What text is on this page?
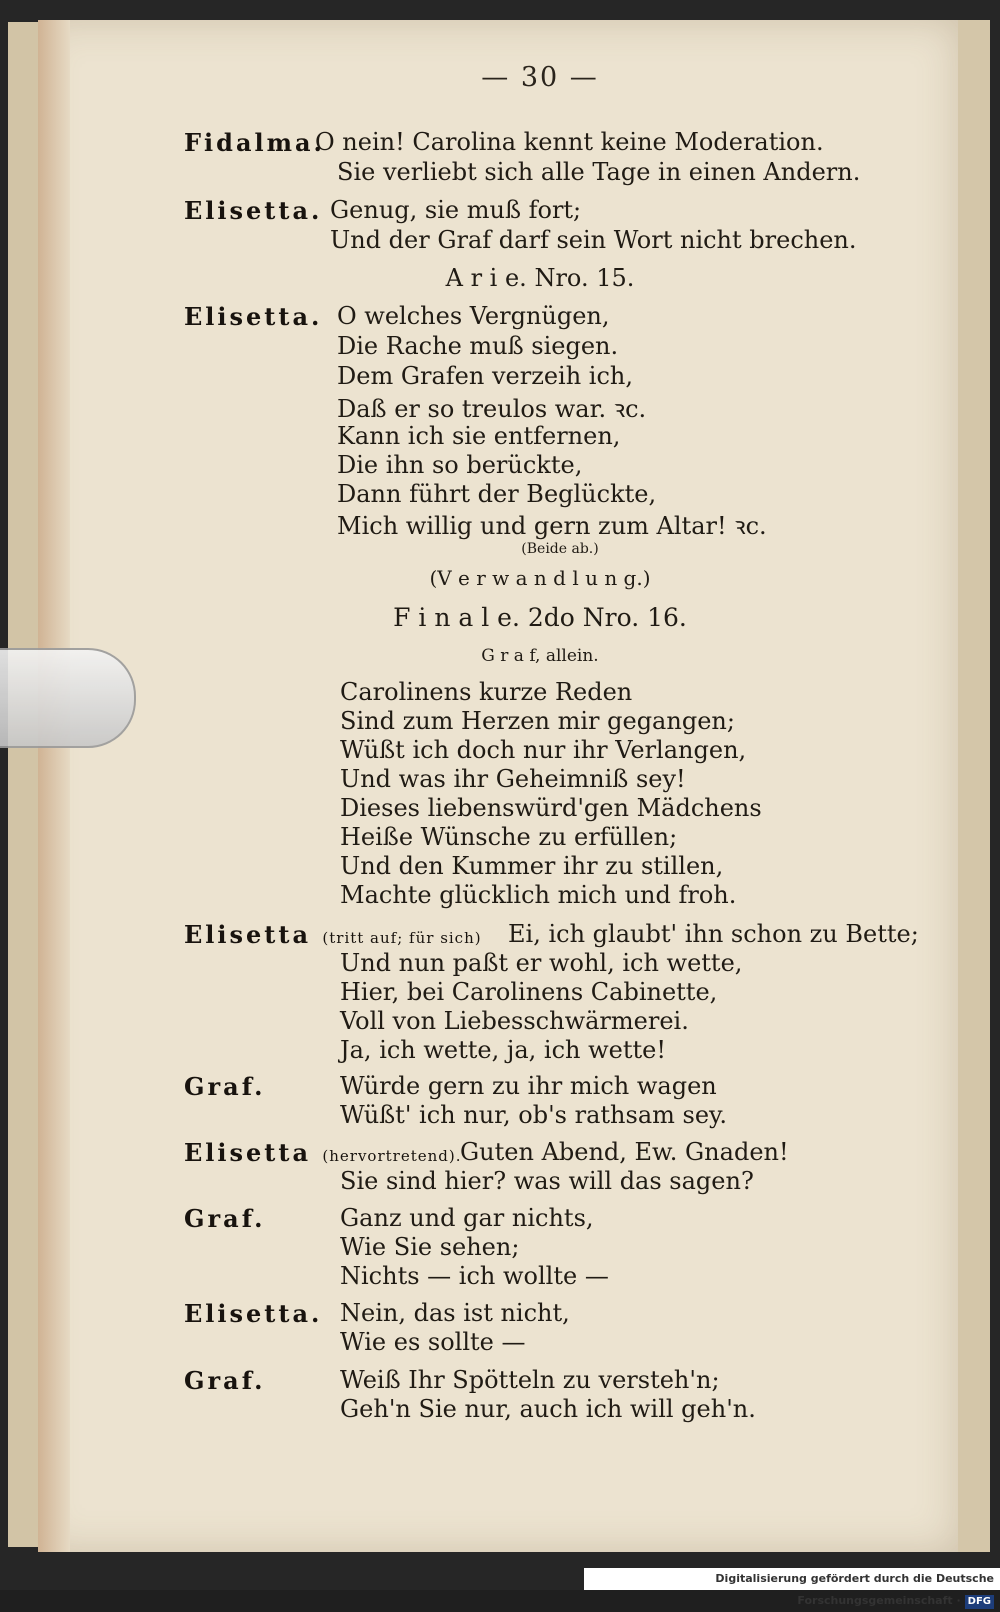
— 30 —
Fidalma.
O nein! Carolina kennt keine Moderation.
Sie verliebt sich alle Tage in einen Andern.
Elisetta. Genug, sie muß fort;
Und der Graf darf sein Wort nicht brechen.
A r i e. Nro. 15.
Elisetta. O welches Vergnügen,
Die Rache muß siegen.
Dem Grafen verzeih ich,
Daß er so treulos war. ꝛc.
Kann ich sie entfernen,
Die ihn so berückte,
Dann führt der Beglückte,
Mich willig und gern zum Altar! ꝛc.
(Beide ab.)
(V e r w a n d l u n g.)
F i n a l e. 2do Nro. 16.
G r a f, allein.
Carolinens kurze Reden
Sind zum Herzen mir gegangen;
Wüßt ich doch nur ihr Verlangen,
Und was ihr Geheimniß sey!
Dieses liebenswürd'gen Mädchens
Heiße Wünsche zu erfüllen;
Und den Kummer ihr zu stillen,
Machte glücklich mich und froh.
Elisetta (tritt auf; für sich) Ei, ich glaubt' ihn schon zu Bette;
Und nun paßt er wohl, ich wette,
Hier, bei Carolinens Cabinette,
Voll von Liebesschwärmerei.
Ja, ich wette, ja, ich wette!
Graf.	Würde gern zu ihr mich wagen
Wüßt' ich nur, ob's rathsam sey.
Elisetta (hervortretend).
Guten Abend, Ew. Gnaden!
Sie sind hier? was will das sagen?
Graf.	Ganz und gar nichts,
Wie Sie sehen;
Nichts — ich wollte —
Elisetta. Nein, das ist nicht,
Wie es sollte —
Graf.	Weiß Ihr Spötteln zu versteh'n;
Geh'n Sie nur, auch ich will geh'n.
Digitalisierung gefördert durch die Deutsche Forschungsgemeinschaft · DFG
